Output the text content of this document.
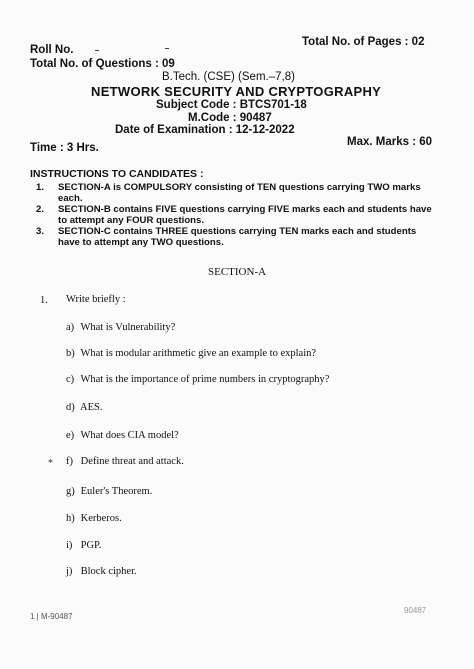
Total No. of Pages : 02
Roll No.
Total No. of Questions : 09
B.Tech. (CSE) (Sem.–7,8)
NETWORK SECURITY AND CRYPTOGRAPHY
Subject Code : BTCS701-18
M.Code : 90487
Date of Examination : 12-12-2022
Time : 3 Hrs.	Max. Marks : 60
INSTRUCTIONS TO CANDIDATES :
1. SECTION-A is COMPULSORY consisting of TEN questions carrying TWO marks each.
2. SECTION-B contains FIVE questions carrying FIVE marks each and students have to attempt any FOUR questions.
3. SECTION-C contains THREE questions carrying TEN marks each and students have to attempt any TWO questions.
SECTION-A
1. Write briefly :
a) What is Vulnerability?
b) What is modular arithmetic give an example to explain?
c) What is the importance of prime numbers in cryptography?
d) AES.
e) What does CIA model?
* f) Define threat and attack.
g) Euler's Theorem.
h) Kerberos.
i) PGP.
j) Block cipher.
1 | M-90487
90487
